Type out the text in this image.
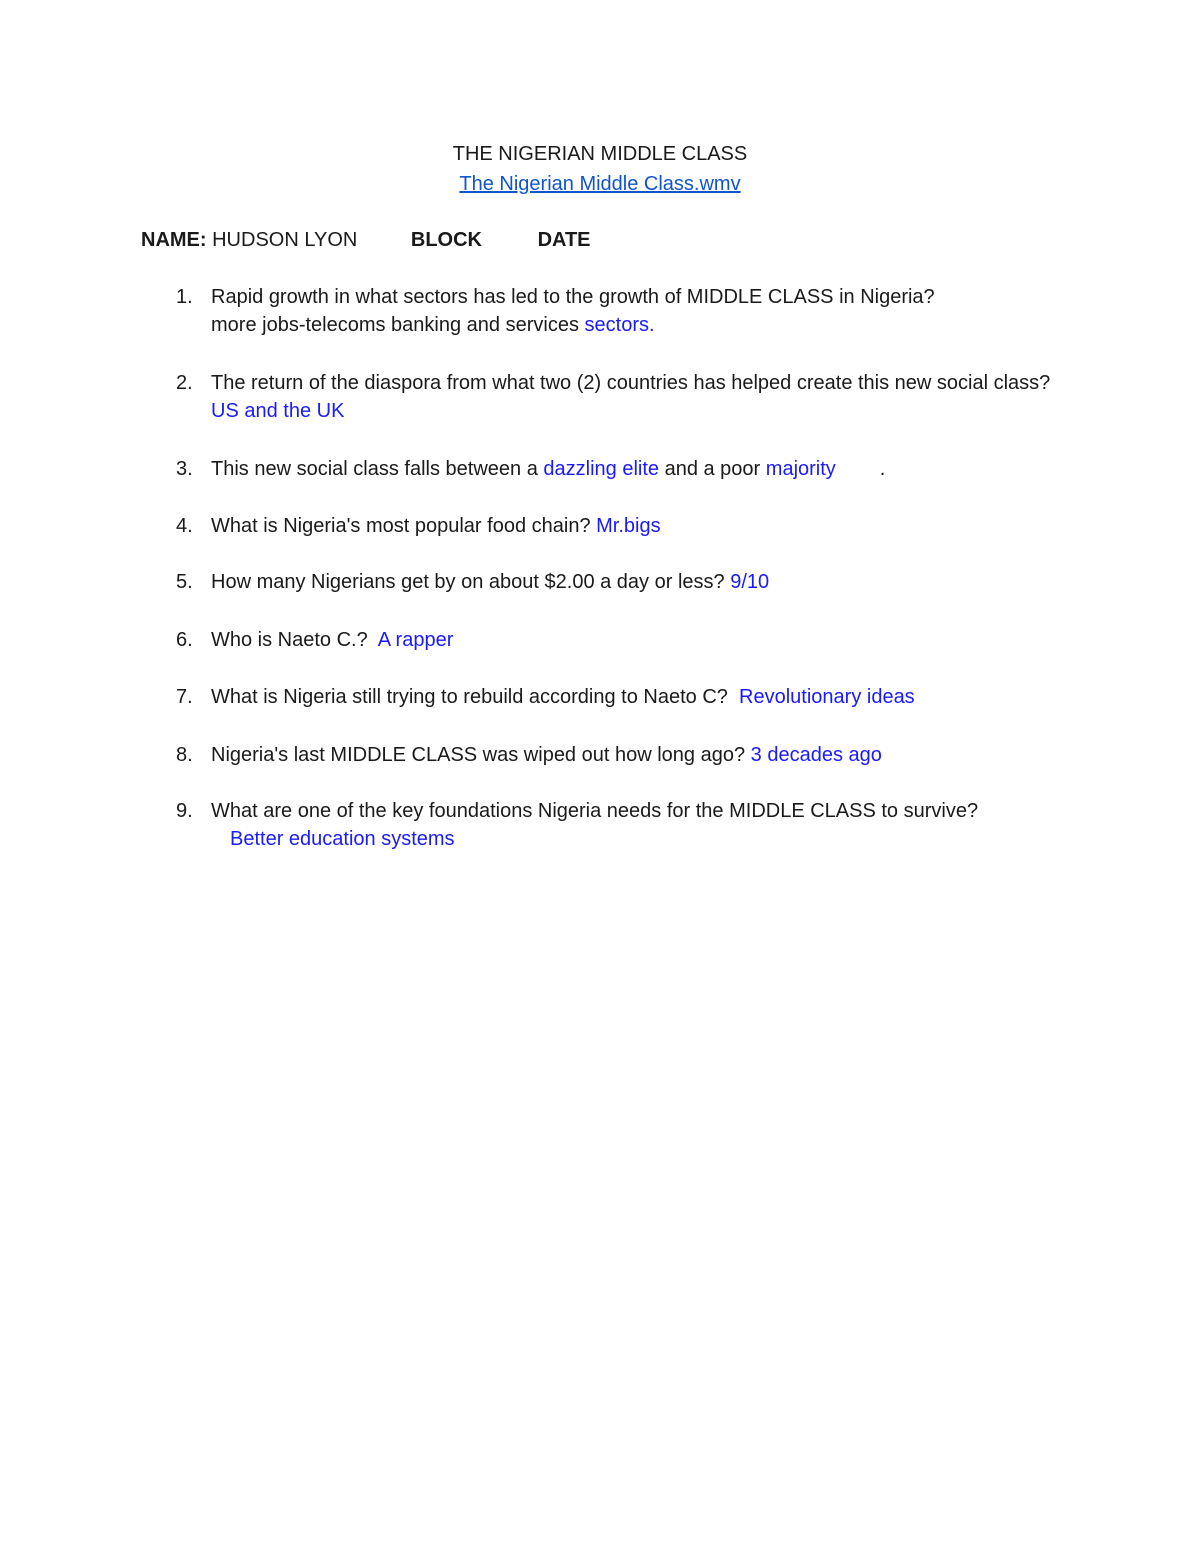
THE NIGERIAN MIDDLE CLASS
The Nigerian Middle Class.wmv
NAME: HUDSON LYON	BLOCK	DATE
1. Rapid growth in what sectors has led to the growth of MIDDLE CLASS in Nigeria?
more jobs-telecoms banking and services sectors.
2. The return of the diaspora from what two (2) countries has helped create this new social class? US and the UK
3. This new social class falls between a dazzling elite and a poor majority .
4. What is Nigeria's most popular food chain? Mr.bigs
5. How many Nigerians get by on about $2.00 a day or less? 9/10
6. Who is Naeto C.? A rapper
7. What is Nigeria still trying to rebuild according to Naeto C? Revolutionary ideas
8. Nigeria's last MIDDLE CLASS was wiped out how long ago? 3 decades ago
9. What are one of the key foundations Nigeria needs for the MIDDLE CLASS to survive?
Better education systems
